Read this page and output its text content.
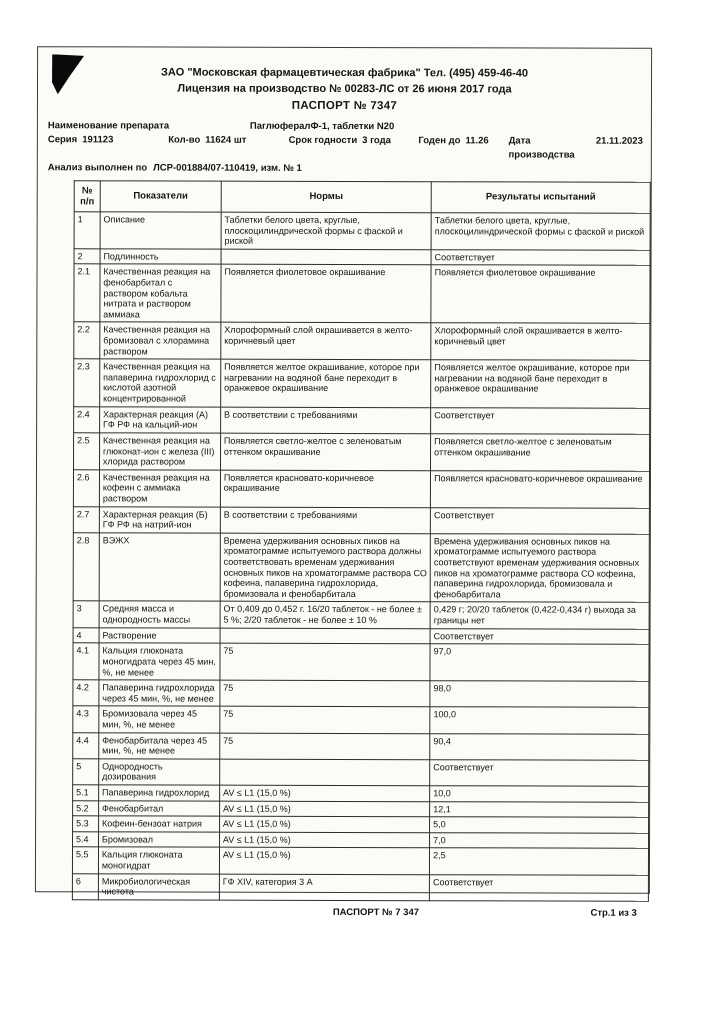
ЗАО "Московская фармацевтическая фабрика" Тел. (495) 459-46-40
Лицензия на производство № 00283-ЛС от 26 июня 2017 года
ПАСПОРТ № 7347
Наименование препарата	ПаглюфералФ-1, таблетки N20
Серия 191123	Кол-во 11624 шт	Срок годности 3 года	Годен до 11.26 Дата производства
21.11.2023
Анализ выполнен по ЛСР-001884/07-110419, изм. № 1
№ п/п	Показатели	Нормы	Результаты испытаний
1	Описание	Таблетки белого цвета, круглые, плоскоцилиндрической формы с фаской и риской	Таблетки белого цвета, круглые, плоскоцилиндрической формы с фаской и риской
2	Подлинность		Соответствует
2.1	Качественная реакция на фенобарбитал с раствором кобальта нитрата и раствором аммиака	Появляется фиолетовое окрашивание	Появляется фиолетовое окрашивание
2.2	Качественная реакция на бромизовал с хлорамина раствором	Хлороформный слой окрашивается в желто-коричневый цвет	Хлороформный слой окрашивается в желто-коричневый цвет
2.3	Качественная реакция на папаверина гидрохлорид с кислотой азотной концентрированной	Появляется желтое окрашивание, которое при нагревании на водяной бане переходит в оранжевое окрашивание	Появляется желтое окрашивание, которое при нагревании на водяной бане переходит в оранжевое окрашивание
2.4	Характерная реакция (А) ГФ РФ на кальций-ион	В соответствии с требованиями	Соответствует
2.5	Качественная реакция на глюконат-ион с железа (III) хлорида раствором	Появляется светло-желтое с зеленоватым оттенком окрашивание	Появляется светло-желтое с зеленоватым оттенком окрашивание
2.6	Качественная реакция на кофеин с аммиака раствором	Появляется красновато-коричневое окрашивание	Появляется красновато-коричневое окрашивание
2.7	Характерная реакция (Б) ГФ РФ на натрий-ион	В соответствии с требованиями	Соответствует
2.8	ВЭЖХ	Времена удерживания основных пиков на хроматограмме испытуемого раствора должны соответствовать временам удерживания основных пиков на хроматограмме раствора СО кофеина, папаверина гидрохлорида, бромизовала и фенобарбитала	Времена удерживания основных пиков на хроматограмме испытуемого раствора соответствуют временам удерживания основных пиков на хроматограмме раствора СО кофеина, папаверина гидрохлорида, бромизовала и фенобарбитала
3	Средняя масса и однородность массы	От 0,409 до 0,452 г. 16/20 таблеток - не более ± 5 %; 2/20 таблеток - не более ± 10 %	0,429 г; 20/20 таблеток (0,422-0,434 г) выхода за границы нет
4	Растворение		Соответствует
4.1	Кальция глюконата моногидрата через 45 мин, %, не менее	75	97,0
4.2	Папаверина гидрохлорида через 45 мин, %, не менее	75	98,0
4.3	Бромизовала через 45 мин, %, не менее	75	100,0
4.4	Фенобарбитала через 45 мин, %, не менее	75	90,4
5	Однородность дозирования		Соответствует
5.1	Папаверина гидрохлорид	AV ≤ L1 (15,0 %)	10,0
5.2	Фенобарбитал	AV ≤ L1 (15,0 %)	12,1
5.3	Кофеин-бензоат натрия	AV ≤ L1 (15,0 %)	5,0
5.4	Бромизовал	AV ≤ L1 (15,0 %)	7,0
5.5	Кальция глюконата моногидрат	AV ≤ L1 (15,0 %)	2,5
6	Микробиологическая чистота	ГФ XIV, категория 3 А	Соответствует
ПАСПОРТ № 7 347	Стр.1 из 3
